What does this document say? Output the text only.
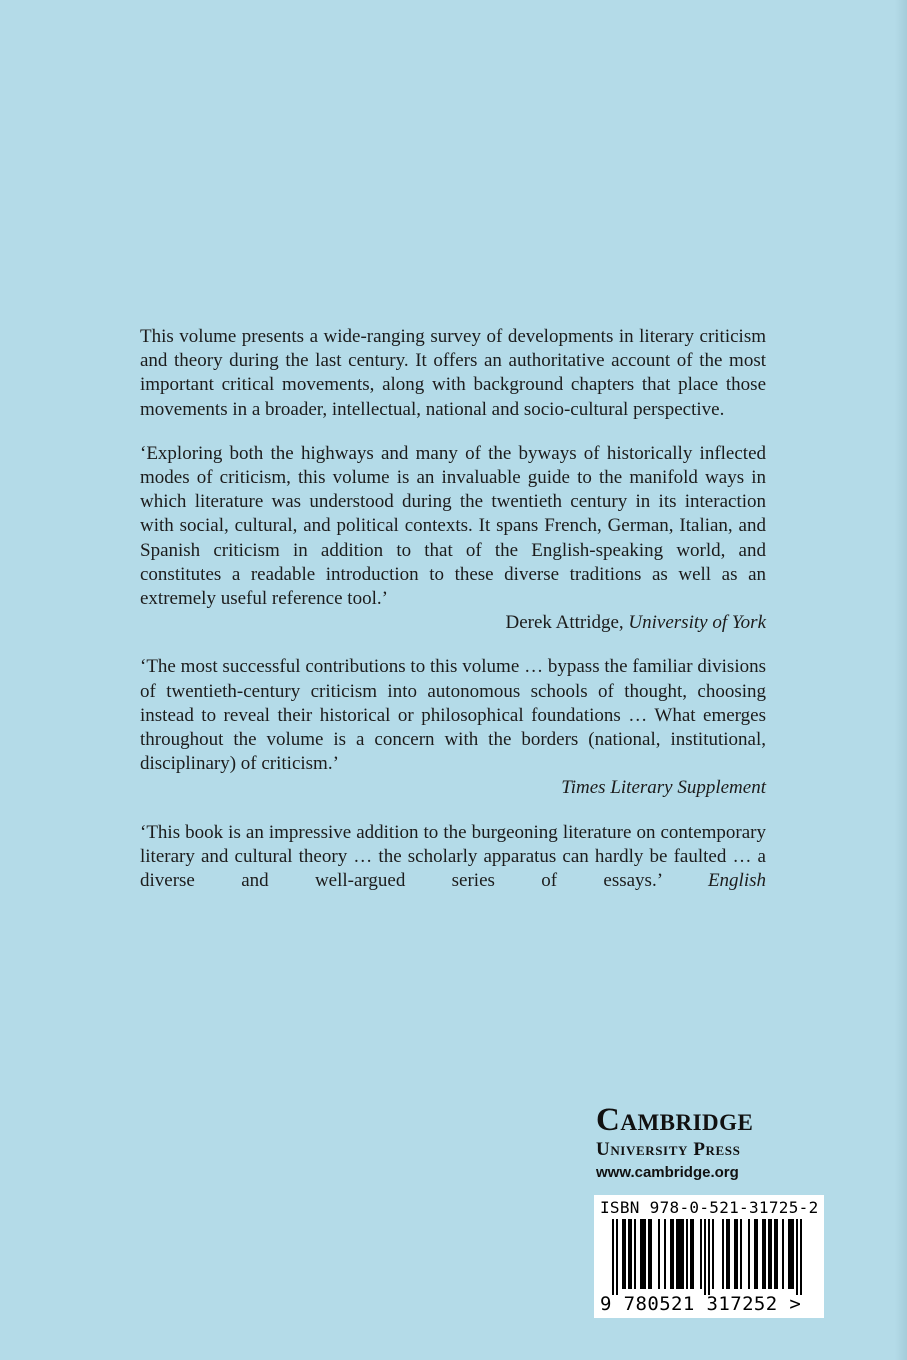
This volume presents a wide-ranging survey of developments in literary criticism and theory during the last century. It offers an authoritative account of the most important critical movements, along with background chapters that place those movements in a broader, intellectual, national and socio-cultural perspective.

‘Exploring both the highways and many of the byways of historically inflected modes of criticism, this volume is an invaluable guide to the manifold ways in which literature was understood during the twentieth century in its interaction with social, cultural, and political contexts. It spans French, German, Italian, and Spanish criticism in addition to that of the English-speaking world, and constitutes a readable introduction to these diverse traditions as well as an extremely useful reference tool.’

Derek Attridge, University of York

‘The most successful contributions to this volume … bypass the familiar divisions of twentieth-century criticism into autonomous schools of thought, choosing instead to reveal their historical or philosophical foundations … What emerges throughout the volume is a concern with the borders (national, institutional, disciplinary) of criticism.’

Times Literary Supplement

‘This book is an impressive addition to the burgeoning literature on contemporary literary and cultural theory … the scholarly apparatus can hardly be faulted … a diverse and well-argued series of essays.’ English

Cambridge
University Press
www.cambridge.org
ISBN 978-0-521-31725-2
9 780521 317252 >
